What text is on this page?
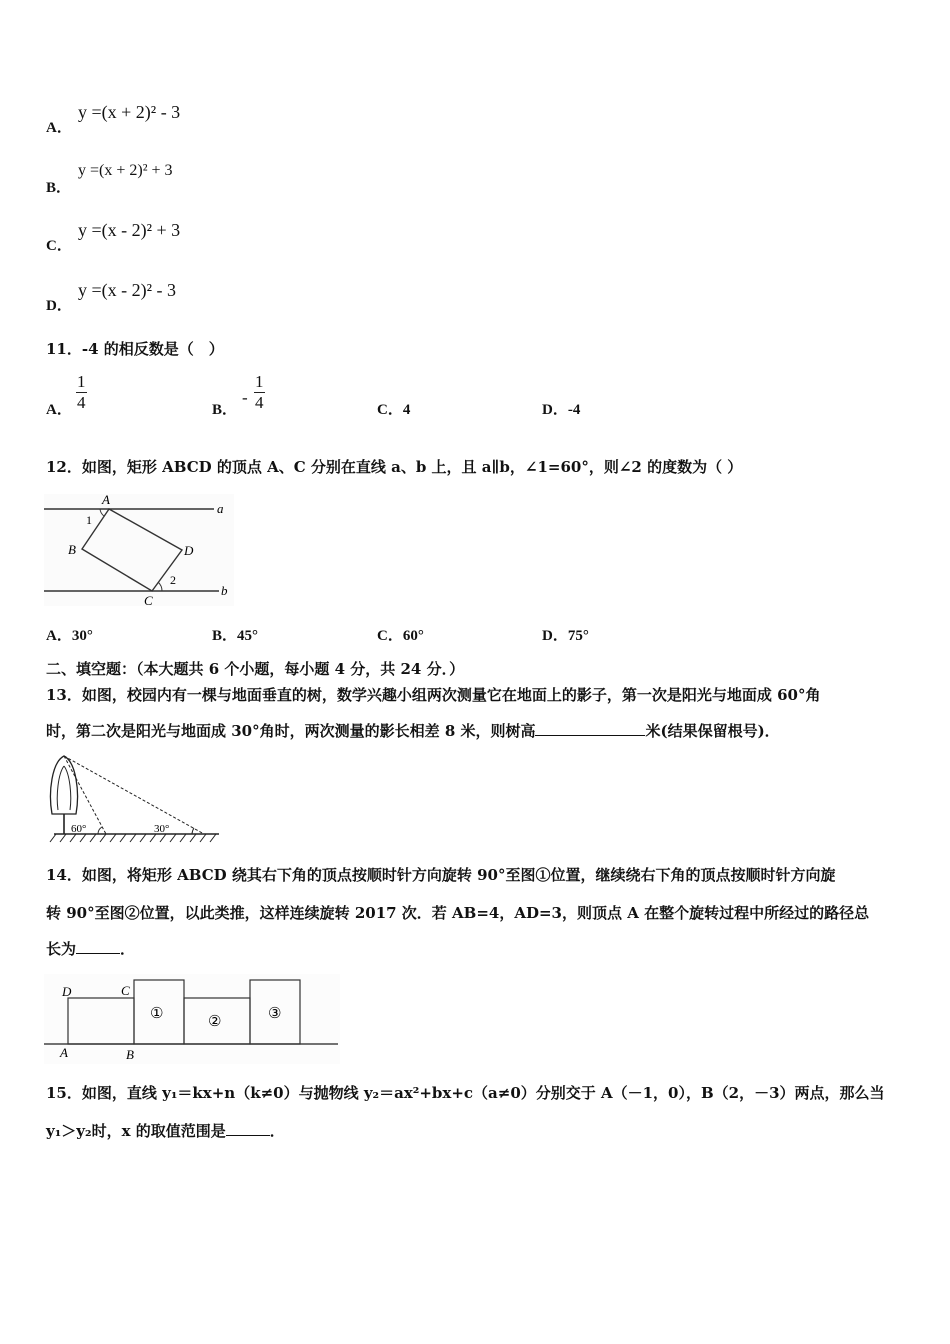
A．
y =(x + 2)² - 3
B．
y =(x + 2)² + 3
C．
y =(x - 2)² + 3
D．
y =(x - 2)² - 3
11．-4 的相反数是（　）
A． $\frac{1}{4}$	B．
- $\frac{1}{4}$	C．4	D．-4
12．如图，矩形 ABCD 的顶点 A、C 分别在直线 a、b 上，且 a∥b，∠1=60°，则∠2 的度数为（ ）
A
B	D
C
1
2
a
b
A．30°	B．45°	C．60°	D．75°
二、填空题：（本大题共 6 个小题，每小题 4 分，共 24 分．）
13．如图，校园内有一棵与地面垂直的树，数学兴趣小组两次测量它在地面上的影子，第一次是阳光与地面成 60°角
时，第二次是阳光与地面成 30°角时，两次测量的影长相差 8 米，则树高	米(结果保留根号)．
60°	30°
14．如图，将矩形 ABCD 绕其右下角的顶点按顺时针方向旋转 90°至图①位置，继续绕右下角的顶点按顺时针方向旋
转 90°至图②位置，以此类推，这样连续旋转 2017 次．若 AB=4，AD=3，则顶点 A 在整个旋转过程中所经过的路径总
长为	．
D	C
A	B
①	②	③
15．如图，直线 y₁＝kx+n（k≠0）与抛物线 y₂＝ax²+bx+c（a≠0）分别交于 A（－1，0），B（2，－3）两点，那么当
y₁＞y₂时，x 的取值范围是	．
